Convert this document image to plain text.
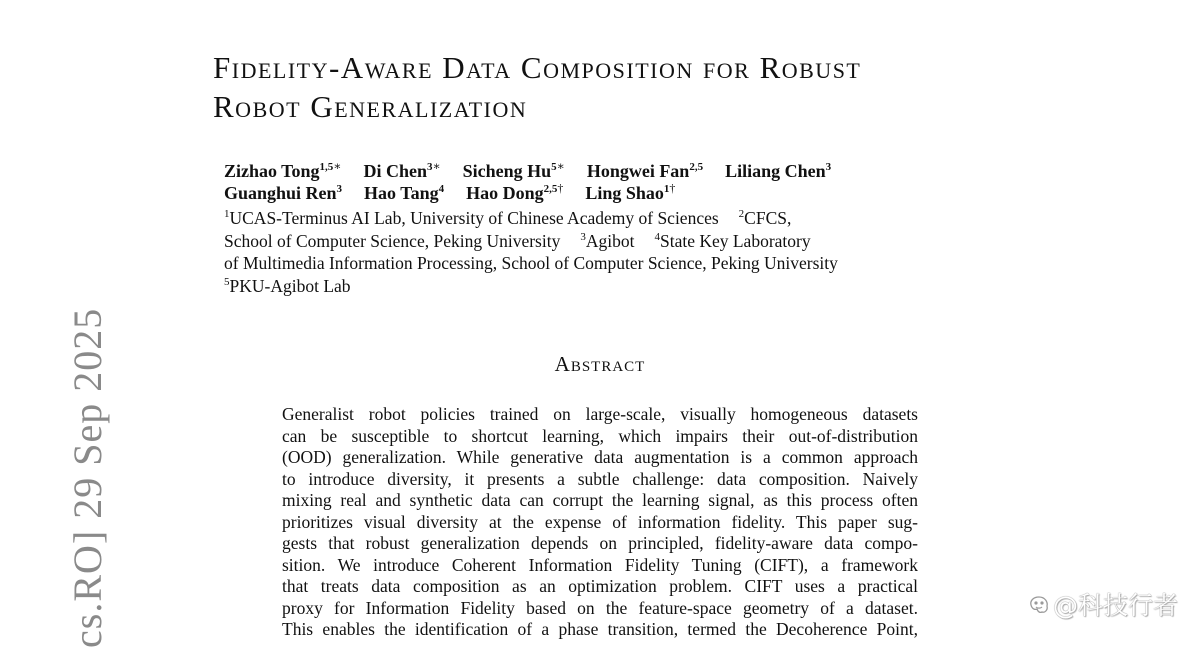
Fidelity-Aware Data Composition for Robust
Robot Generalization
Zizhao Tong$^{1,5∗}$ Di Chen$^{3∗}$ Sicheng $Hu^{5∗}$ Hongwei Fan$^{2,5}$ Liliang Chen$^3$
Guanghui Ren$^3$ Hao Tang$^4$ Hao Dong$^{2,5\dagger}$ Ling Shao$^{1\dagger}$
$^1$UCAS-Terminus AI Lab, University of Chinese Academy of Sciences $^2$CFCS,
School of Computer Science, Peking University $^3$Agibot $^4$State Key Laboratory
of Multimedia Information Processing, School of Computer Science, Peking University
$^5$PKU-Agibot Lab
Abstract
Generalist robot policies trained on large-scale, visually homogeneous datasets
can be susceptible to shortcut learning, which impairs their out-of-distribution
(OOD) generalization. While generative data augmentation is a common approach
to introduce diversity, it presents a subtle challenge: data composition. Naively
mixing real and synthetic data can corrupt the learning signal, as this process often
prioritizes visual diversity at the expense of information fidelity. This paper sug-
gests that robust generalization depends on principled, fidelity-aware data compo-
sition. We introduce Coherent Information Fidelity Tuning (CIFT), a framework
that treats data composition as an optimization problem. CIFT uses a practical
proxy for Information Fidelity based on the feature-space geometry of a dataset.
This enables the identification of a phase transition, termed the Decoherence Point,
cs.RO] 29 Sep 2025	@科技行者
